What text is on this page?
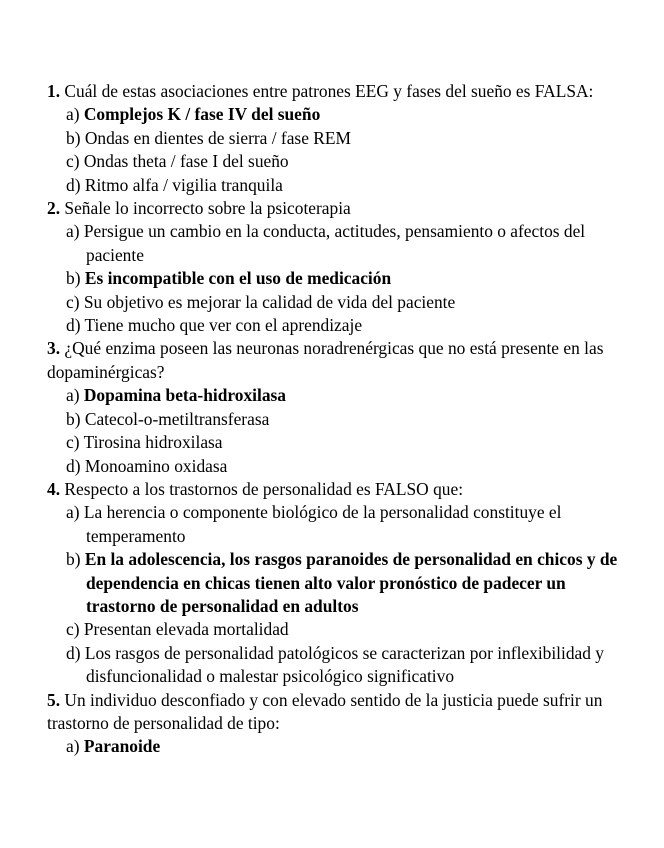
1. Cuál de estas asociaciones entre patrones EEG y fases del sueño es FALSA:

a) Complejos K / fase IV del sueño
b) Ondas en dientes de sierra / fase REM
c) Ondas theta / fase I del sueño
d) Ritmo alfa / vigilia tranquila

2. Señale lo incorrecto sobre la psicoterapia

a) Persigue un cambio en la conducta, actitudes, pensamiento o afectos del paciente
b) Es incompatible con el uso de medicación
c) Su objetivo es mejorar la calidad de vida del paciente
d) Tiene mucho que ver con el aprendizaje

3. ¿Qué enzima poseen las neuronas noradrenérgicas que no está presente en las dopaminérgicas?

a) Dopamina beta-hidroxilasa
b) Catecol-o-metiltransferasa
c) Tirosina hidroxilasa
d) Monoamino oxidasa

4. Respecto a los trastornos de personalidad es FALSO que:

a) La herencia o componente biológico de la personalidad constituye el temperamento
b) En la adolescencia, los rasgos paranoides de personalidad en chicos y de dependencia en chicas tienen alto valor pronóstico de padecer un trastorno de personalidad en adultos
c) Presentan elevada mortalidad
d) Los rasgos de personalidad patológicos se caracterizan por inflexibilidad y disfuncionalidad o malestar psicológico significativo

5. Un individuo desconfiado y con elevado sentido de la justicia puede sufrir un trastorno de personalidad de tipo:

a) Paranoide
